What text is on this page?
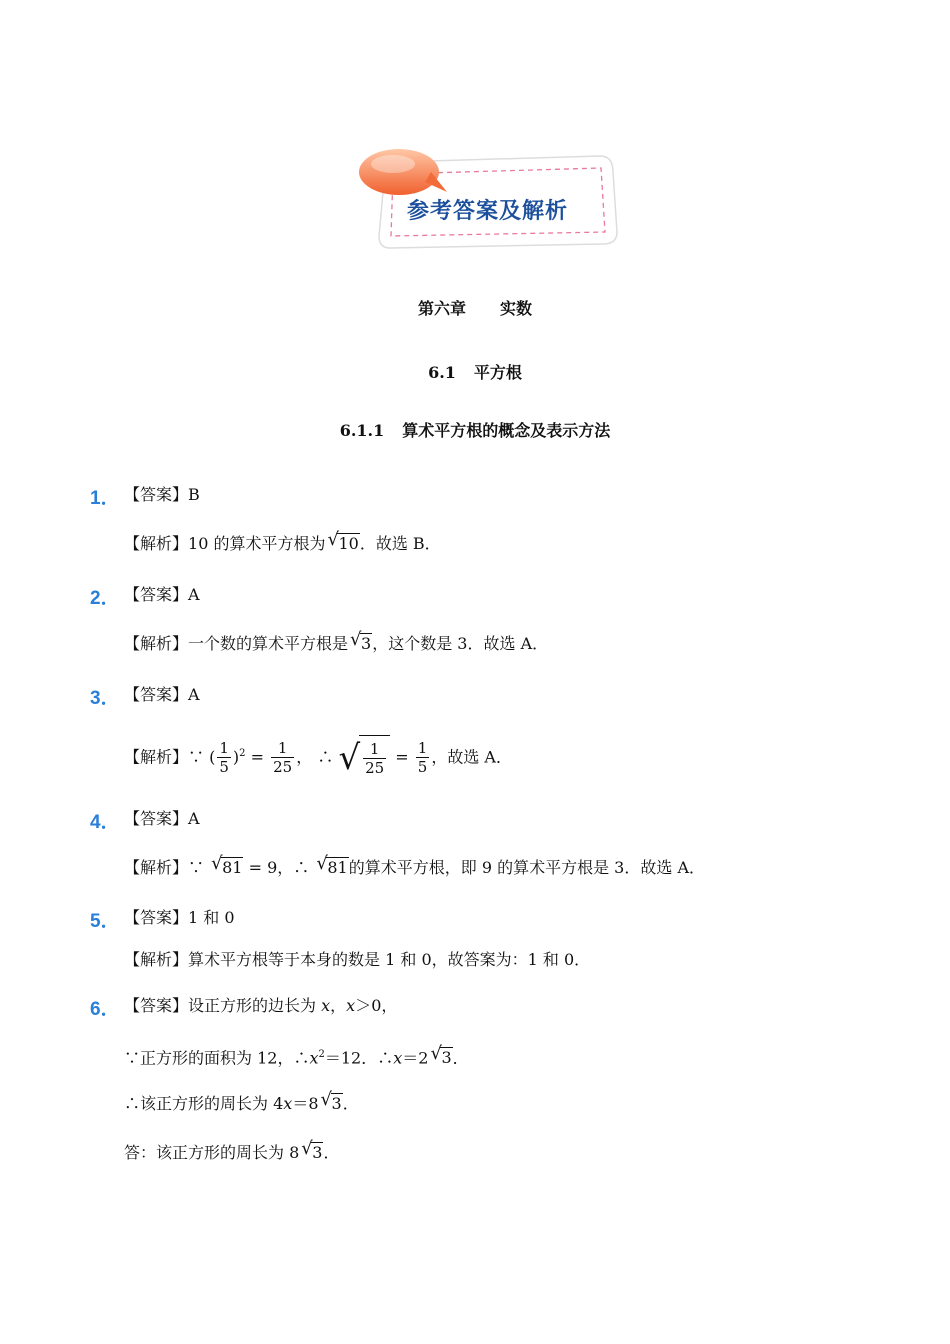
参考答案及解析
第六章 实数
6.1 平方根
6.1.1 算术平方根的概念及表示方法
1． 【答案】B
【解析】10 的算术平方根为 √ 10．故选 B．
2． 【答案】A
【解析】一个数的算术平方根是 √ 3，这个数是 3．故选 A．
3． 【答案】A
【解析】∵ ( $\frac{1}{5} )^2 = \frac{1}{25}$ ， ∴ √ $\frac{1}{25} = \frac{1}{5}$ ，故选 A．
4． 【答案】A
【解析】∵ √ 81 = 9，∴ √ 81的算术平方根，即 9 的算术平方根是 3．故选 A．
5． 【答案】1 和 0
【解析】算术平方根等于本身的数是 1 和 0，故答案为：1 和 0．
6． 【答案】设正方形的边长为 x，x＞0，
∵正方形的面积为 12，$\therefore x^2=12$．∴x＝2 √ 3．
∴该正方形的周长为 4x＝8 √ 3．
答：该正方形的周长为 8 √ 3．
